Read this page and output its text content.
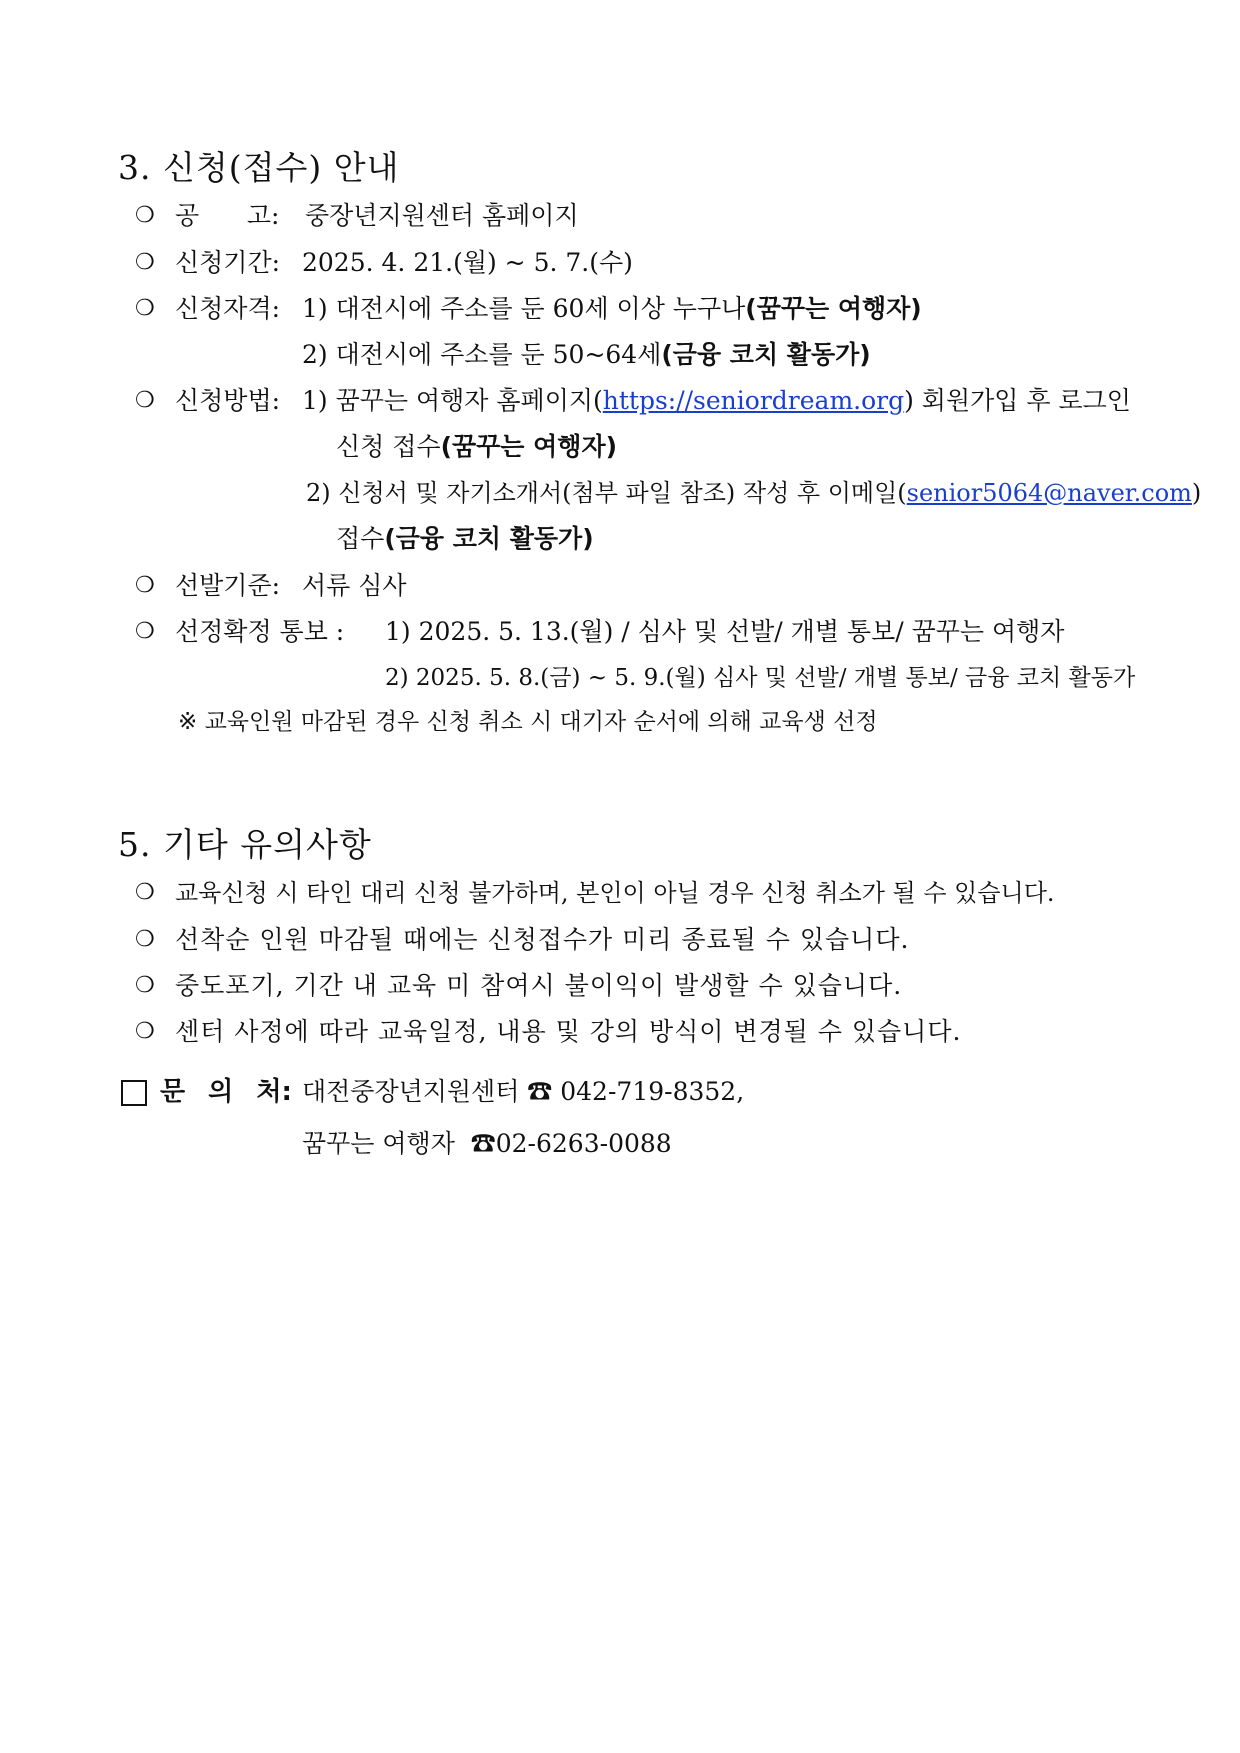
3. 신청(접수) 안내
❍ 공      고: 중장년지원센터 홈페이지
❍ 신청기간: 2025. 4. 21.(월) ~ 5. 7.(수)
❍ 신청자격: 1) 대전시에 주소를 둔 60세 이상 누구나(꿈꾸는 여행자)
2) 대전시에 주소를 둔 50~64세(금융 코치 활동가)
❍ 신청방법: 1) 꿈꾸는 여행자 홈페이지(https://seniordream.org) 회원가입 후 로그인
신청 접수(꿈꾸는 여행자)
2) 신청서 및 자기소개서(첨부 파일 참조) 작성 후 이메일(senior5064@naver.com)
접수(금융 코치 활동가)
❍ 선발기준: 서류 심사
❍ 선정확정 통보 : 1) 2025. 5. 13.(월) / 심사 및 선발/ 개별 통보/ 꿈꾸는 여행자
2) 2025. 5. 8.(금) ~ 5. 9.(월) 심사 및 선발/ 개별 통보/ 금융 코치 활동가
※ 교육인원 마감된 경우 신청 취소 시 대기자 순서에 의해 교육생 선정
5. 기타 유의사항
❍ 교육신청 시 타인 대리 신청 불가하며, 본인이 아닐 경우 신청 취소가 될 수 있습니다.
❍ 선착순 인원 마감될 때에는 신청접수가 미리 종료될 수 있습니다.
❍ 중도포기, 기간 내 교육 미 참여시 불이익이 발생할 수 있습니다.
❍ 센터 사정에 따라 교육일정, 내용 및 강의 방식이 변경될 수 있습니다.
문 의 처: 대전중장년지원센터 ☎ 042-719-8352,
꿈꾸는 여행자  ☎02-6263-0088
